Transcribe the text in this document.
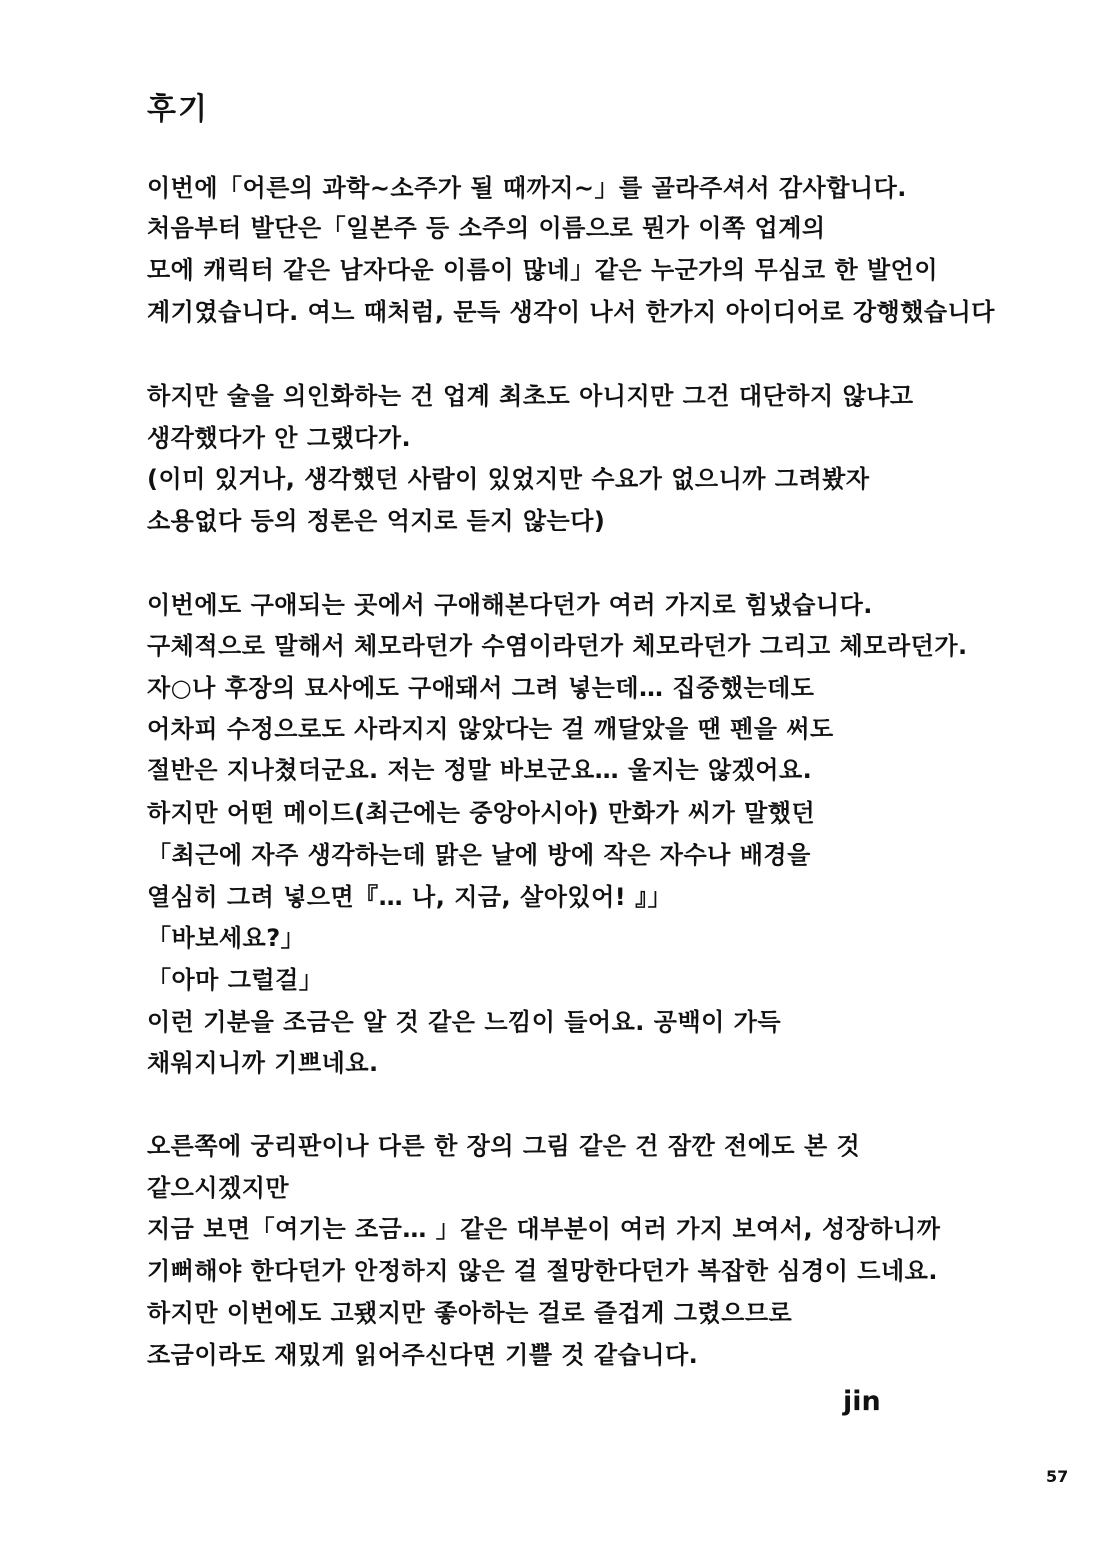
후기
이번에「어른의 과학∼소주가 될 때까지∼」를 골라주셔서 감사합니다.
처음부터 발단은「일본주 등 소주의 이름으로 뭔가 이쪽 업계의
모에 캐릭터 같은 남자다운 이름이 많네」같은 누군가의 무심코 한 발언이
계기였습니다. 여느 때처럼, 문득 생각이 나서 한가지 아이디어로 강행했습니다
하지만 술을 의인화하는 건 업계 최초도 아니지만 그건 대단하지 않냐고
생각했다가 안 그랬다가.
(이미 있거나, 생각했던 사람이 있었지만 수요가 없으니까 그려봤자
소용없다 등의 정론은 억지로 듣지 않는다)
이번에도 구애되는 곳에서 구애해본다던가 여러 가지로 힘냈습니다.
구체적으로 말해서 체모라던가 수염이라던가 체모라던가 그리고 체모라던가.
자○나 후장의 묘사에도 구애돼서 그려 넣는데… 집중했는데도
어차피 수정으로도 사라지지 않았다는 걸 깨달았을 땐 펜을 써도
절반은 지나쳤더군요. 저는 정말 바보군요… 울지는 않겠어요.
하지만 어떤 메이드(최근에는 중앙아시아) 만화가 씨가 말했던
「최근에 자주 생각하는데 맑은 날에 방에 작은 자수나 배경을
열심히 그려 넣으면『… 나, 지금, 살아있어! 』」
「바보세요?」
「아마 그럴걸」
이런 기분을 조금은 알 것 같은 느낌이 들어요. 공백이 가득
채워지니까 기쁘네요.
오른쪽에 궁리판이나 다른 한 장의 그림 같은 건 잠깐 전에도 본 것
같으시겠지만
지금 보면「여기는 조금… 」같은 대부분이 여러 가지 보여서, 성장하니까
기뻐해야 한다던가 안정하지 않은 걸 절망한다던가 복잡한 심경이 드네요.
하지만 이번에도 고됐지만 좋아하는 걸로 즐겁게 그렸으므로
조금이라도 재밌게 읽어주신다면 기쁠 것 같습니다.
jin
57
